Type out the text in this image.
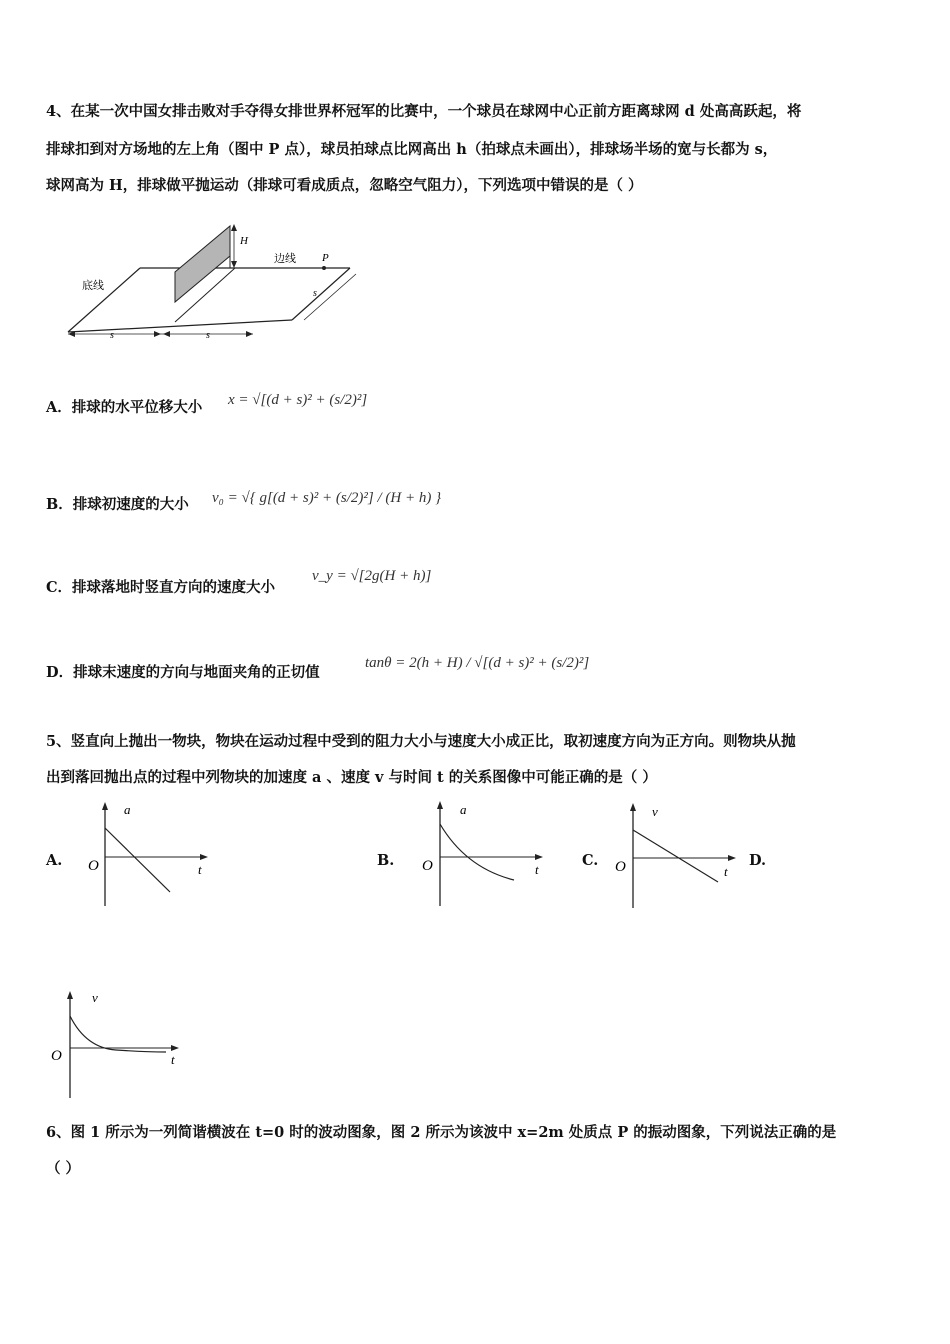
4、在某一次中国女排击败对手夺得女排世界杯冠军的比赛中，一个球员在球网中心正前方距离球网 d 处高高跃起，将
排球扣到对方场地的左上角（图中 P 点），球员拍球点比网高出 h（拍球点未画出），排球场半场的宽与长都为 s，
球网高为 H，排球做平抛运动（排球可看成质点，忽略空气阻力），下列选项中错误的是（ ）
H
边线 P
底线
s
s	s
A．排球的水平位移大小 x = √[(d + s)² + (s/2)²]
B．排球初速度的大小 v₀ = √{ g[(d + s)² + (s/2)²] / (H + h) }
C．排球落地时竖直方向的速度大小
v_y = √[2g(H + h)]
D．排球末速度的方向与地面夹角的正切值
tanθ = 2(h + H) / √[(d + s)² + (s/2)²]
5、竖直向上抛出一物块，物块在运动过程中受到的阻力大小与速度大小成正比，取初速度方向为正方向。则物块从抛
出到落回抛出点的过程中列物块的加速度 a 、速度 v 与时间 t 的关系图像中可能正确的是（ ）
A.
a
O	t
B.
a
O	t
C.
v
O	t
D.
v
O	t
6、图 1 所示为一列简谐横波在 t=0 时的波动图象，图 2 所示为该波中 x=2m 处质点 P 的振动图象，下列说法正确的是
（ ）
